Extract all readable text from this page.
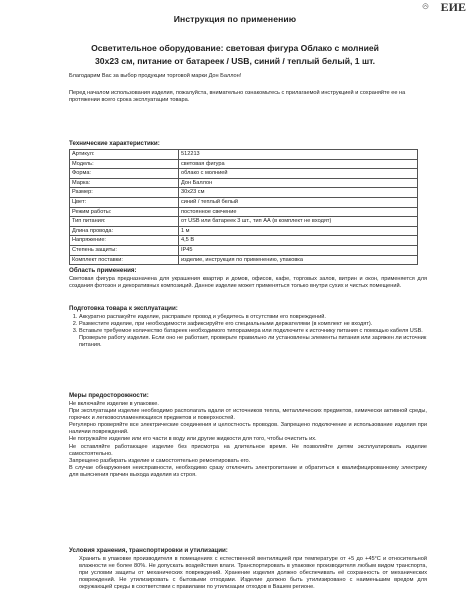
Инструкция по применению
ЕИЕ
Осветительное оборудование: световая фигура Облако с молнией
30x23 см, питание от батареек / USB, синий / теплый белый, 1 шт.
Благодарим Вас за выбор продукции торговой марки Дон Баллон!
Перед началом использования изделия, пожалуйста, внимательно ознакомьтесь с прилагаемой инструкцией и сохраняйте ее на протяжении всего срока эксплуатации товара.
Технические характеристики:
Артикул:	512213
Модель:	световая фигура
Форма:	облако с молнией
Марка:	Дон Баллон
Размер:	30х23 см
Цвет:	синий / теплый белый
Режим работы:	постоянное свечение
Тип питания:	от USB или батареек 3 шт., тип АА (в комплект не входят)
Длина провода:	1 м
Напряжение:	4,5 В
Степень защиты:	IP45
Комплект поставки:	изделие, инструкция по применению, упаковка
Область применения:
Световая фигура предназначена для украшения квартир и домов, офисов, кафе, торговых залов, витрин и окон, применяется для создания фотозон и декоративных композиций. Данное изделие может применяться только внутри сухих и чистых помещений.
Подготовка товара к эксплуатации:
1. Аккуратно распакуйте изделие, расправьте провод и убедитесь в отсутствии его повреждений.
2. Разместите изделие, при необходимости зафиксируйте его специальными держателями (в комплект не входят).
3. Вставьте требуемое количество батареек необходимого типоразмера или подключите к источнику питания с помощью кабеля USB. Проверьте работу изделия. Если оно не работает, проверьте правильно ли установлены элементы питания или заряжен ли источник питания.
Меры предосторожности:

Не включайте изделие в упаковке.

При эксплуатации изделие необходимо располагать вдали от источников тепла, металлических предметов, химически активной среды, горючих и легковоспламеняющихся предметов и поверхностей.

Регулярно проверяйте все электрические соединения и целостность проводов. Запрещено подключение и использование изделия при наличии повреждений.

Не погружайте изделие или его части в воду или другие жидкости для того, чтобы очистить их.

Не оставляйте работающее изделие без присмотра на длительное время. Не позволяйте детям эксплуатировать изделие самостоятельно.

Запрещено разбирать изделие и самостоятельно ремонтировать его.

В случае обнаружения неисправности, необходимо сразу отключить электропитание и обратиться к квалифицированному электрику для выяснения причин выхода изделия из строя.

Условия хранения, транспортировки и утилизации:
Хранить в упаковке производителя в помещениях с естественной вентиляцией при температуре от +5 до +45°С и относительной влажности не более 80%. Не допускать воздействия влаги. Транспортировать в упаковке производителя любым видом транспорта, при условии защиты от механических повреждений. Хранение изделия должно обеспечивать её сохранность от механических повреждений. Не утилизировать с бытовыми отходами. Изделие должно быть утилизировано с наименьшим вредом для окружающей среды в соответствии с правилами по утилизации отходов в Вашем регионе.
